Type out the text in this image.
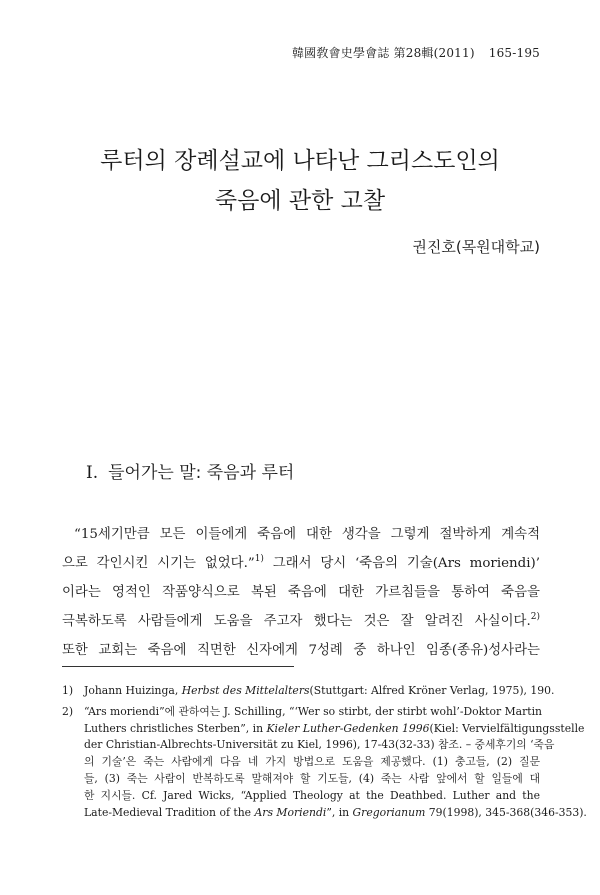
韓國敎會史學會誌 第28輯(2011) 165-195
루터의 장례설교에 나타난 그리스도인의
죽음에 관한 고찰
권진호(목원대학교)
Ⅰ. 들어가는 말: 죽음과 루터
“15세기만큼 모든 이들에게 죽음에 대한 생각을 그렇게 절박하게 계속적
으로 각인시킨 시기는 없었다.”$^{1)}$ 그래서 당시 ‘죽음의 기술(Ars moriendi)’
이라는 영적인 작품양식으로 복된 죽음에 대한 가르침들을 통하여 죽음을
극복하도록 사람들에게 도움을 주고자 했다는 것은 잘 알려진 사실이다.$^{2)}$
또한 교회는 죽음에 직면한 신자에게 7성례 중 하나인 임종(종유)성사라는
1) Johann Huizinga, Herbst des Mittelalters(Stuttgart: Alfred Kröner Verlag, 1975), 190.
2) “Ars moriendi”에 관하여는 J. Schilling, “‘Wer so stirbt, der stirbt wohl’-Doktor Martin
Luthers christliches Sterben”, in Kieler Luther-Gedenken 1996(Kiel: Vervielfältigungsstelle
der Christian-Albrechts-Universität zu Kiel, 1996), 17-43(32-33) 참조. – 중세후기의 ‘죽음
의 기술’은 죽는 사람에게 다음 네 가지 방법으로 도움을 제공했다. (1) 충고들, (2) 질문
들, (3) 죽는 사람이 반복하도록 말해져야 할 기도들, (4) 죽는 사람 앞에서 할 일들에 대
한 지시들. Cf. Jared Wicks, “Applied Theology at the Deathbed. Luther and the
Late-Medieval Tradition of the Ars Moriendi”, in Gregorianum 79(1998), 345-368(346-353).
